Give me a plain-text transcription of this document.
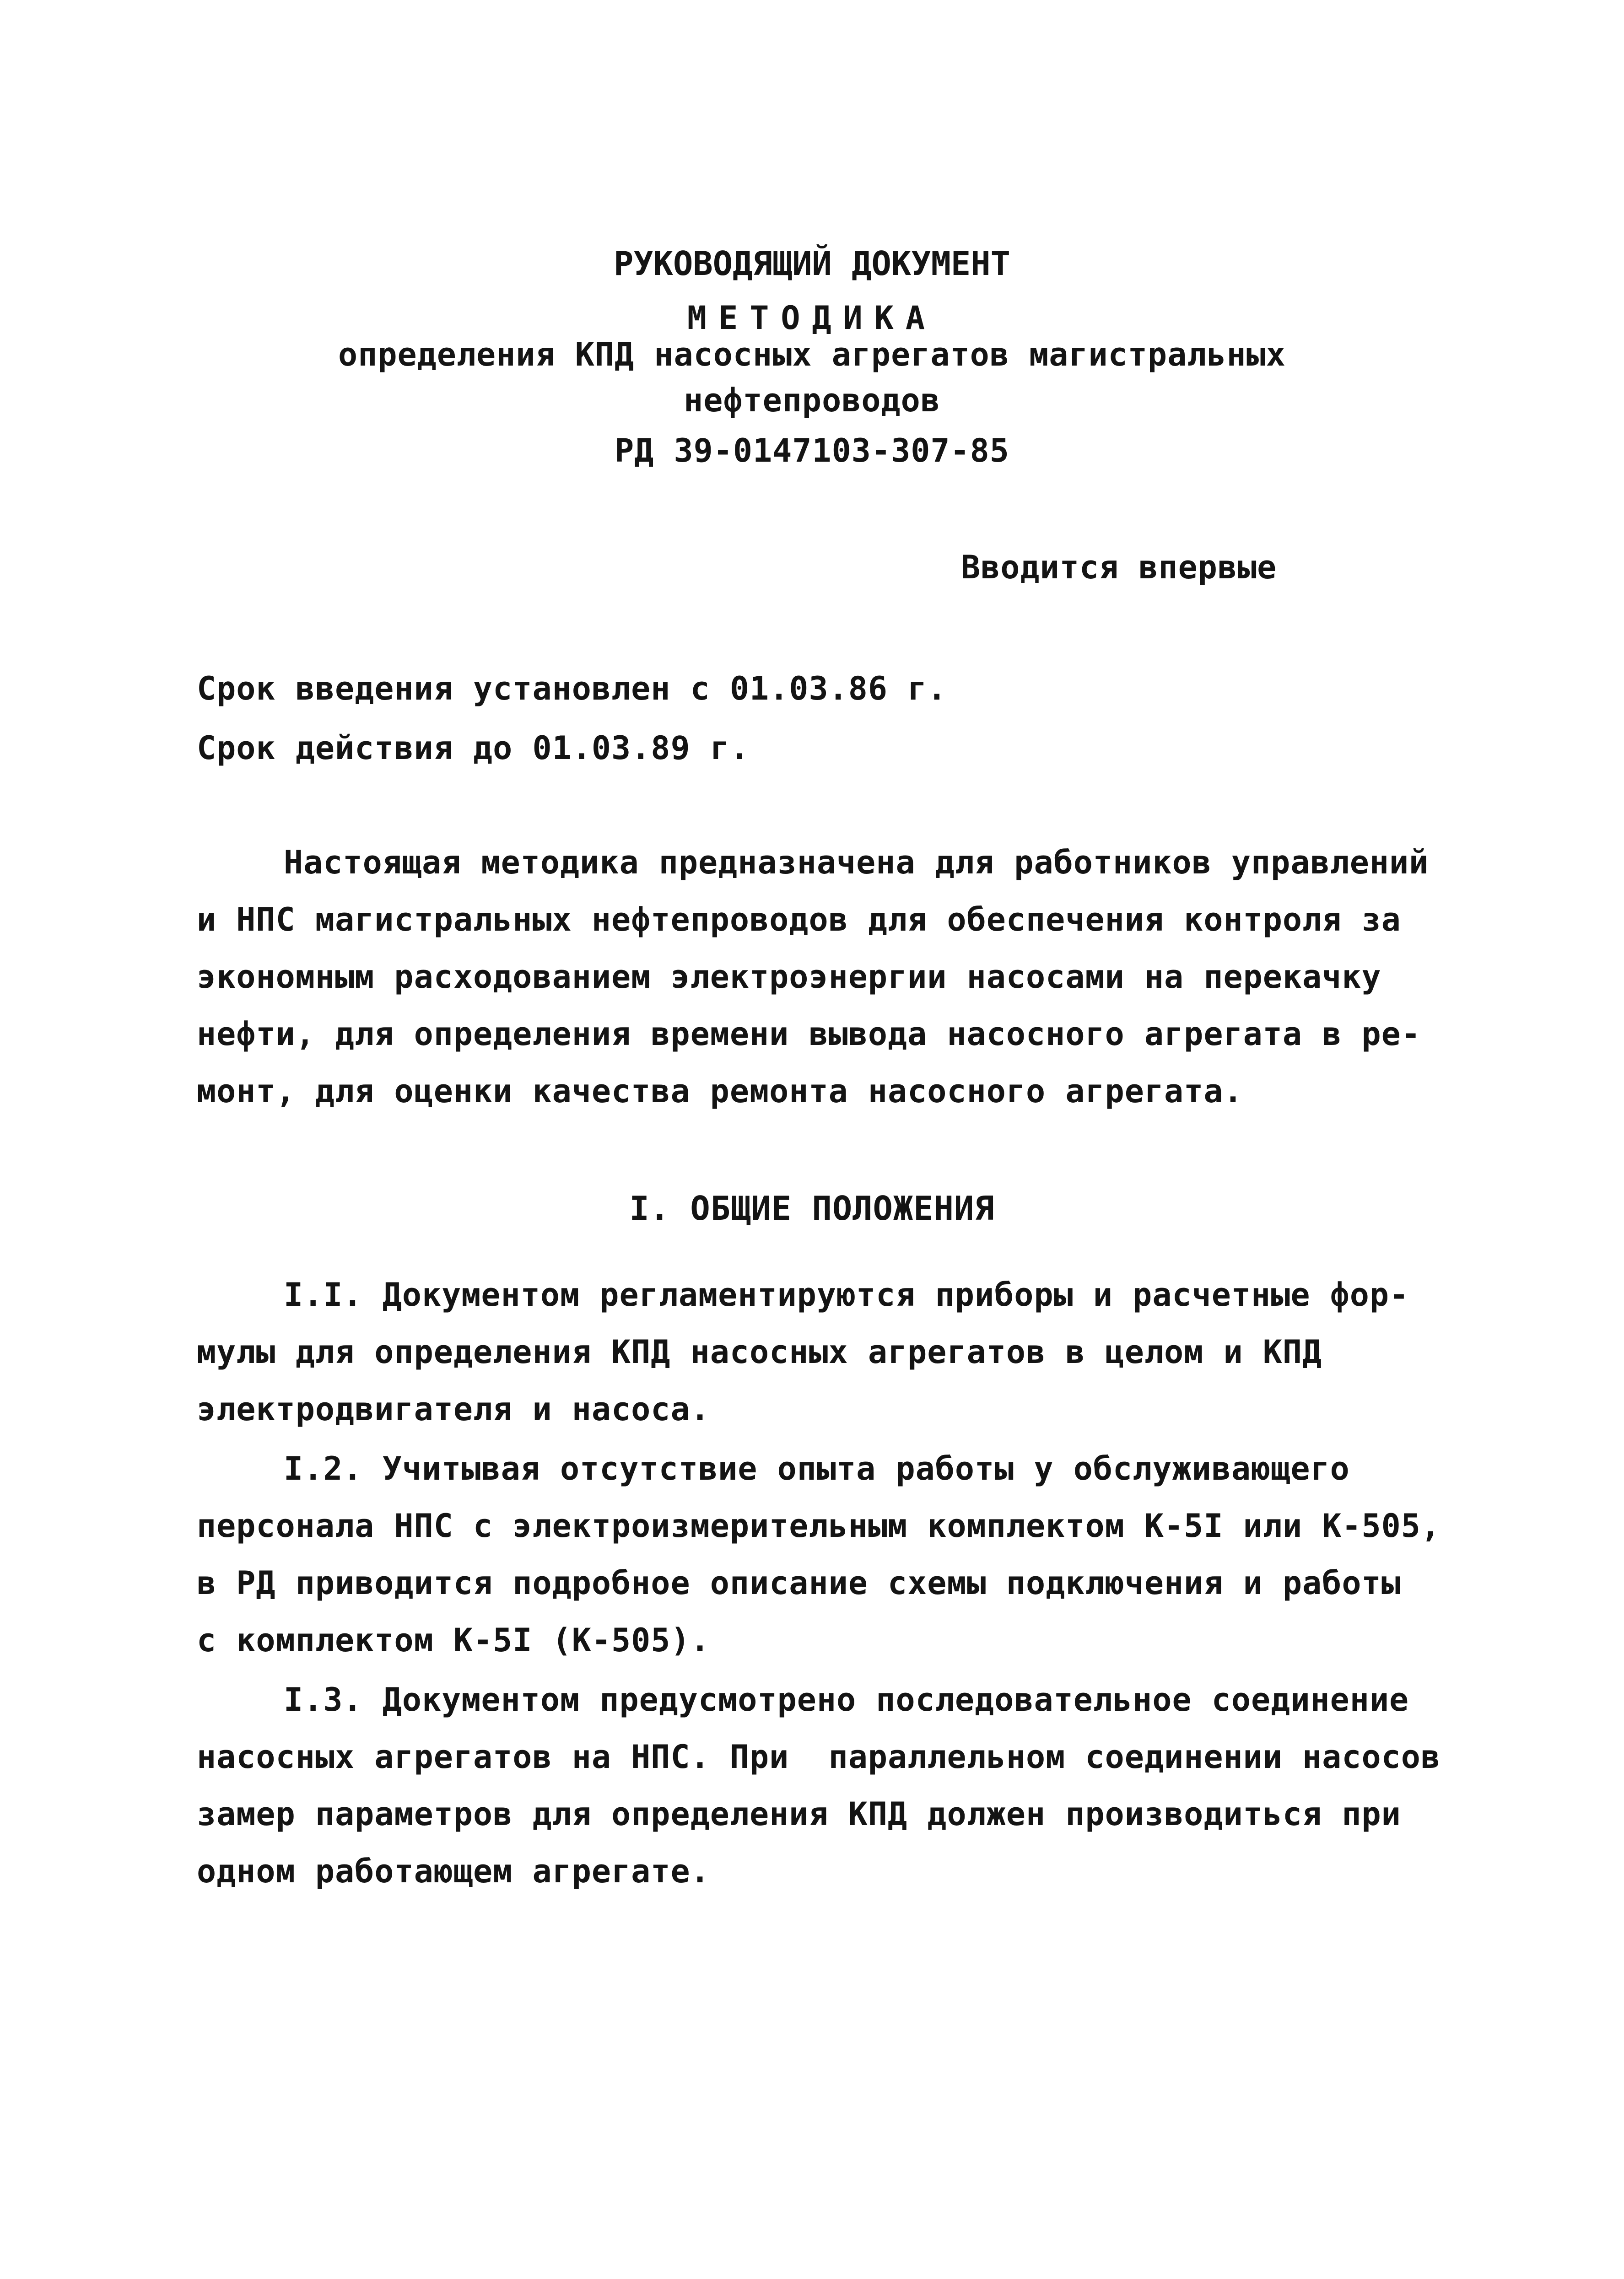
РУКОВОДЯЩИЙ ДОКУМЕНТ
МЕТОДИКА
определения КПД насосных агрегатов магистральных
нефтепроводов
РД 39-0147103-307-85
Вводится впервые
Срок введения установлен с 01.03.86 г.
Срок действия до 01.03.89 г.
Настоящая методика предназначена для работников управлений
и НПС магистральных нефтепроводов для обеспечения контроля за
экономным расходованием электроэнергии насосами на перекачку
нефти, для определения времени вывода насосного агрегата в ре-
монт, для оценки качества ремонта насосного агрегата.
I. ОБЩИЕ ПОЛОЖЕНИЯ
I.I. Документом регламентируются приборы и расчетные фор-
мулы для определения КПД насосных агрегатов в целом и КПД
электродвигателя и насоса.
I.2. Учитывая отсутствие опыта работы у обслуживающего
персонала НПС с электроизмерительным комплектом К-5I или К-505,
в РД приводится подробное описание схемы подключения и работы
с комплектом К-5I (К-505).
I.3. Документом предусмотрено последовательное соединение
насосных агрегатов на НПС. При  параллельном соединении насосов
замер параметров для определения КПД должен производиться при
одном работающем агрегате.
